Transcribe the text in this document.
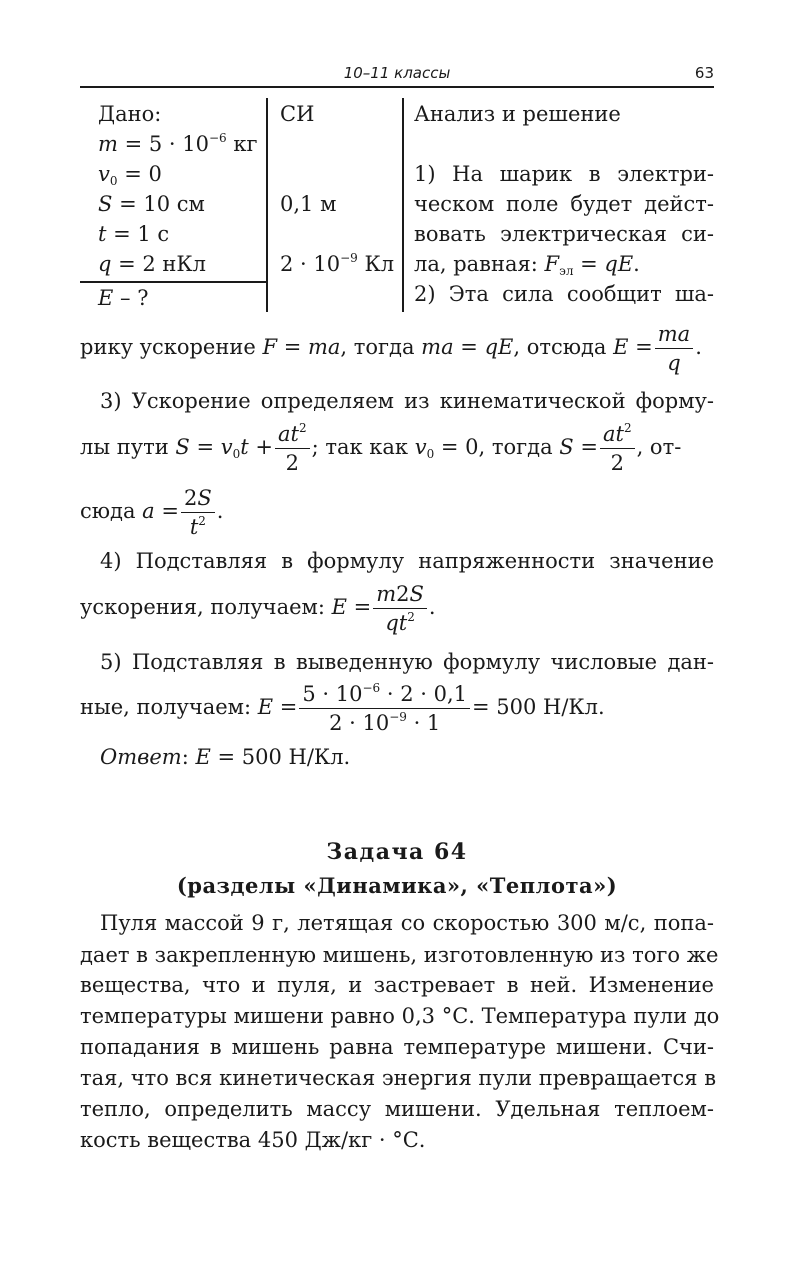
10–11 классы	63
Дано:
$m = 5 \cdot 10^{-6}$ кг
$v_0 = 0$
S = 10 см
t = 1 с
q = 2 нКл
E – ?
СИ
0,1 м
$2 \cdot 10^{-9}$ Кл
Анализ и решение
1) На шарик в электри-
ческом поле будет дейст-
вовать электрическая си-
ла, равная: $F_{эл}$ = qE.
2) Эта сила сообщит ша-
рику ускорение F = ma, тогда ma = qE, отсюда $E = \frac{ma}{q}$ .
3) Ускорение определяем из кинематической форму-
лы пути $S = v_0t + \frac{at^2}{2}$ ; так как $v_0 = 0$, тогда $S = \frac{at^2}{2}$ , от-
сюда $a = \frac{2S}{t^2}$ .
4) Подставляя в формулу напряженности значение
ускорения, получаем: $E = \frac{m2S}{qt^2}$ .
5) Подставляя в выведенную формулу числовые дан-
ные, получаем: $E = \frac{5 \cdot 10^{-6} \cdot 2 \cdot 0,1}{2 \cdot 10^{-9} \cdot 1} = 500$ Н/Кл.
Ответ: E = 500 Н/Кл.
Задача 64
(разделы «Динамика», «Теплота»)
Пуля массой 9 г, летящая со скоростью 300 м/с, попа-
дает в закрепленную мишень, изготовленную из того же
вещества, что и пуля, и застревает в ней. Изменение
температуры мишени равно 0,3 °С. Температура пули до
попадания в мишень равна температуре мишени. Счи-
тая, что вся кинетическая энергия пули превращается в
тепло, определить массу мишени. Удельная теплоем-
кость вещества 450 Дж/кг · °С.
